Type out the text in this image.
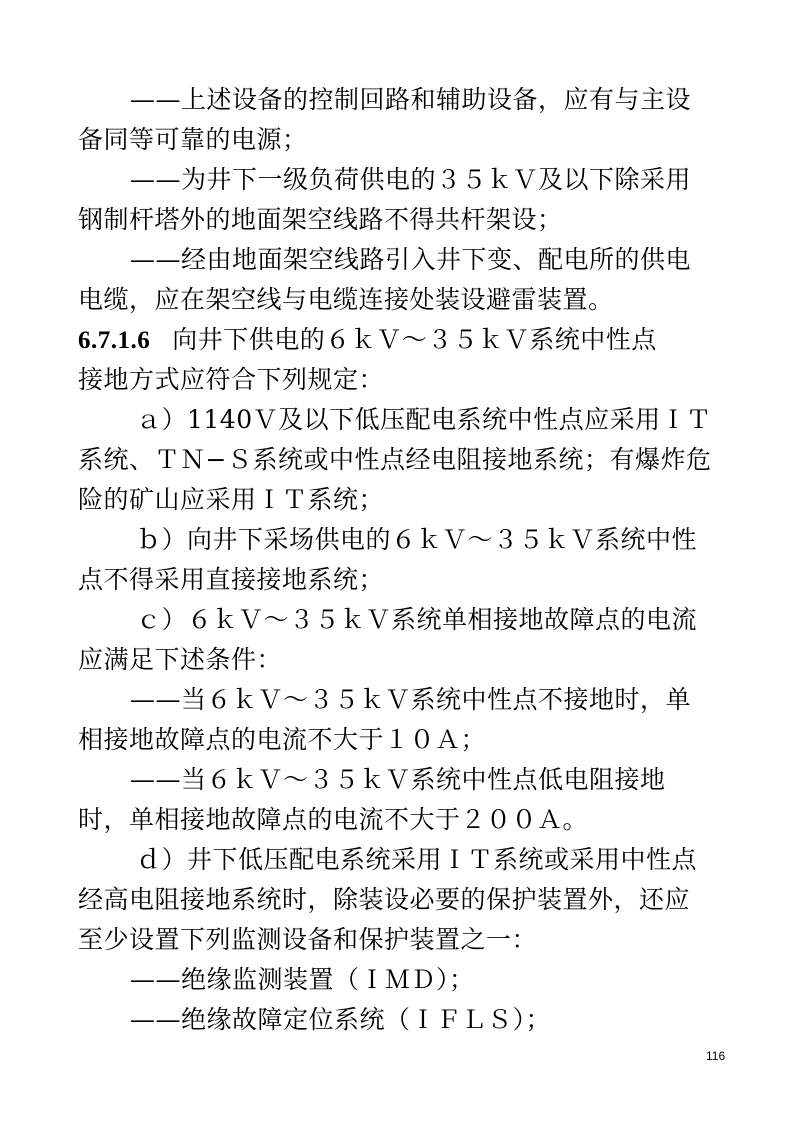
——上述设备的控制回路和辅助设备，应有与主设
备同等可靠的电源；
——为井下一级负荷供电的３５ｋＶ及以下除采用
钢制杆塔外的地面架空线路不得共杆架设；
——经由地面架空线路引入井下变、配电所的供电
电缆，应在架空线与电缆连接处装设避雷装置。
6.7.1.6 向井下供电的６ｋＶ～３５ｋＶ系统中性点
接地方式应符合下列规定：
ａ）1140Ｖ及以下低压配电系统中性点应采用ＩＴ
系统、ＴＮ−Ｓ系统或中性点经电阻接地系统；有爆炸危
险的矿山应采用ＩＴ系统；
ｂ）向井下采场供电的６ｋＶ～３５ｋＶ系统中性
点不得采用直接接地系统；
ｃ）６ｋＶ～３５ｋＶ系统单相接地故障点的电流
应满足下述条件：
——当６ｋＶ～３５ｋＶ系统中性点不接地时，单
相接地故障点的电流不大于１０Ａ；
——当６ｋＶ～３５ｋＶ系统中性点低电阻接地
时，单相接地故障点的电流不大于２００Ａ。
ｄ）井下低压配电系统采用ＩＴ系统或采用中性点
经高电阻接地系统时，除装设必要的保护装置外，还应
至少设置下列监测设备和保护装置之一：
——绝缘监测装置（ＩＭＤ）；
——绝缘故障定位系统（ＩＦＬＳ）；
116
